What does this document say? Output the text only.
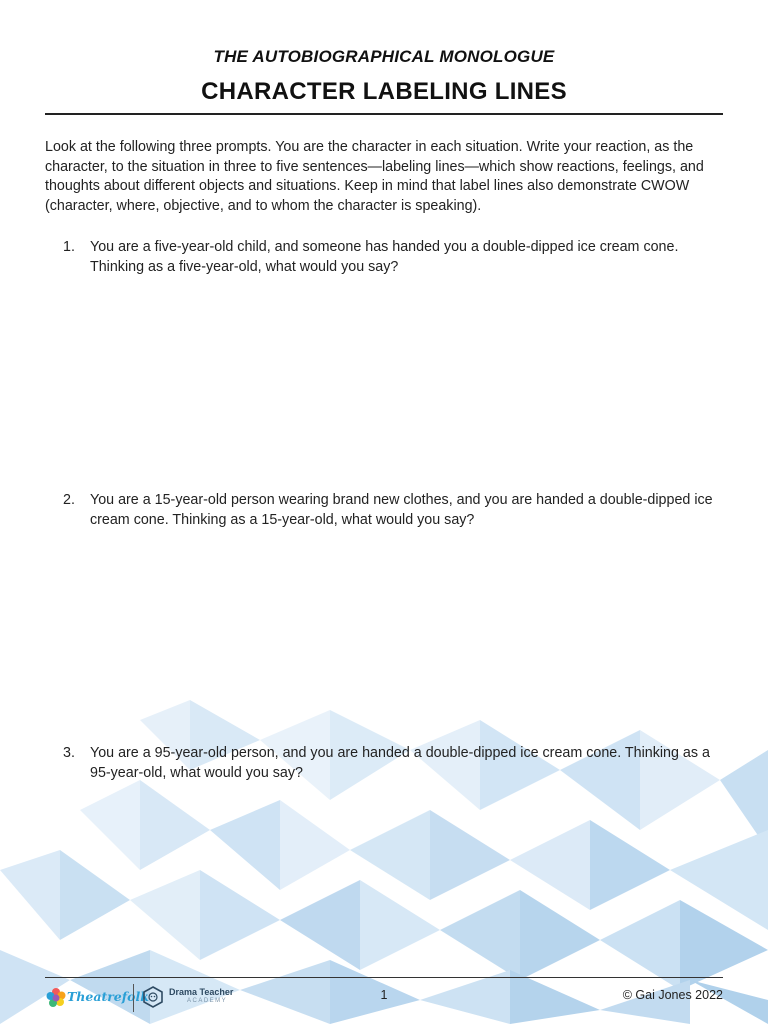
THE AUTOBIOGRAPHICAL MONOLOGUE
CHARACTER LABELING LINES

Look at the following three prompts. You are the character in each situation. Write your reaction, as the character, to the situation in three to five sentences—labeling lines—which show reactions, feelings, and thoughts about different objects and situations. Keep in mind that label lines also demonstrate CWOW (character, where, objective, and to whom the character is speaking).

1.	You are a five-year-old child, and someone has handed you a double-dipped ice cream cone. Thinking as a five-year-old, what would you say?
2.	You are a 15-year-old person wearing brand new clothes, and you are handed a double-dipped ice cream cone. Thinking as a 15-year-old, what would you say?
3.	You are a 95-year-old person, and you are handed a double-dipped ice cream cone. Thinking as a 95-year-old, what would you say?
Theatrefolk Drama Teacher
ACADEMY	1	© Gai Jones 2022
